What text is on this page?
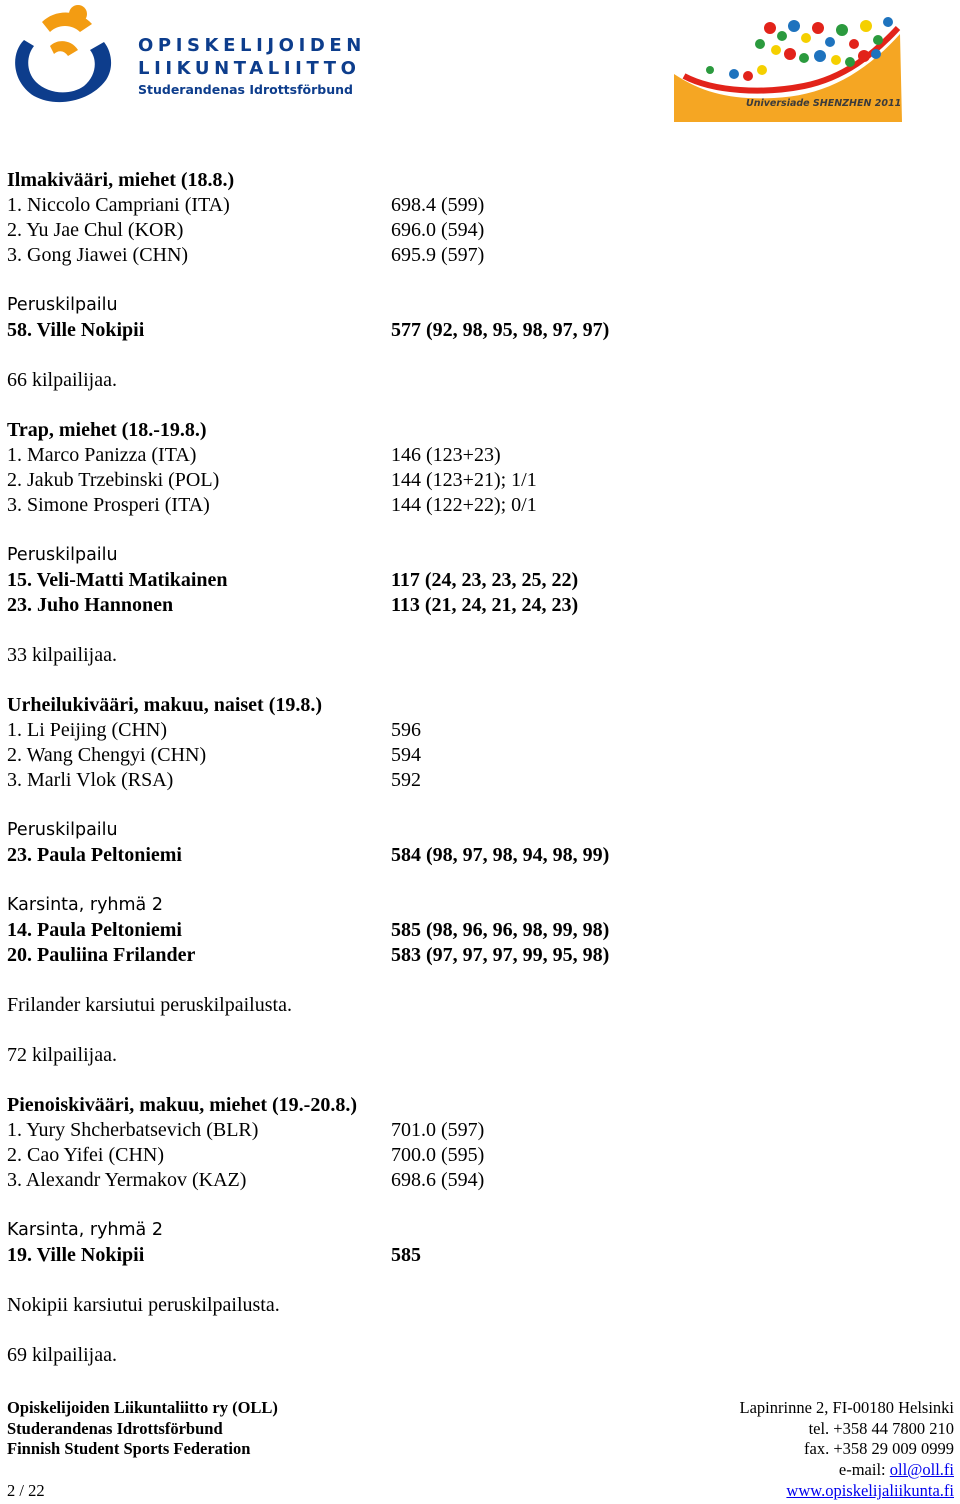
OPISKELIJOIDEN
LIIKUNTALIITTO
Studerandenas Idrottsförbund
Universiade SHENZHEN 2011
Ilmakivääri, miehet (18.8.)
1. Niccolo Campriani (ITA)	698.4 (599)
2. Yu Jae Chul (KOR)	696.0 (594)
3. Gong Jiawei (CHN)	695.9 (597)
Peruskilpailu
58. Ville Nokipii	577 (92, 98, 95, 98, 97, 97)
66 kilpailijaa.
Trap, miehet (18.-19.8.)
1. Marco Panizza (ITA)	146 (123+23)
2. Jakub Trzebinski (POL)	144 (123+21); 1/1
3. Simone Prosperi (ITA)	144 (122+22); 0/1
Peruskilpailu
15. Veli-Matti Matikainen	117 (24, 23, 23, 25, 22)
23. Juho Hannonen	113 (21, 24, 21, 24, 23)
33 kilpailijaa.
Urheilukivääri, makuu, naiset (19.8.)
1. Li Peijing (CHN)	596
2. Wang Chengyi (CHN)	594
3. Marli Vlok (RSA)	592
Peruskilpailu
23. Paula Peltoniemi	584 (98, 97, 98, 94, 98, 99)
Karsinta, ryhmä 2
14. Paula Peltoniemi	585 (98, 96, 96, 98, 99, 98)
20. Pauliina Frilander	583 (97, 97, 97, 99, 95, 98)
Frilander karsiutui peruskilpailusta.
72 kilpailijaa.
Pienoiskivääri, makuu, miehet (19.-20.8.)
1. Yury Shcherbatsevich (BLR)	701.0 (597)
2. Cao Yifei (CHN)	700.0 (595)
3. Alexandr Yermakov (KAZ)	698.6 (594)
Karsinta, ryhmä 2
19. Ville Nokipii	585
Nokipii karsiutui peruskilpailusta.
69 kilpailijaa.
Opiskelijoiden Liikuntaliitto ry (OLL)
Studerandenas Idrottsförbund
Finnish Student Sports Federation
Lapinrinne 2, FI-00180 Helsinki
tel. +358 44 7800 210
fax. +358 29 009 0999
e-mail: oll@oll.fi
www.opiskelijaliikunta.fi
2 / 22
